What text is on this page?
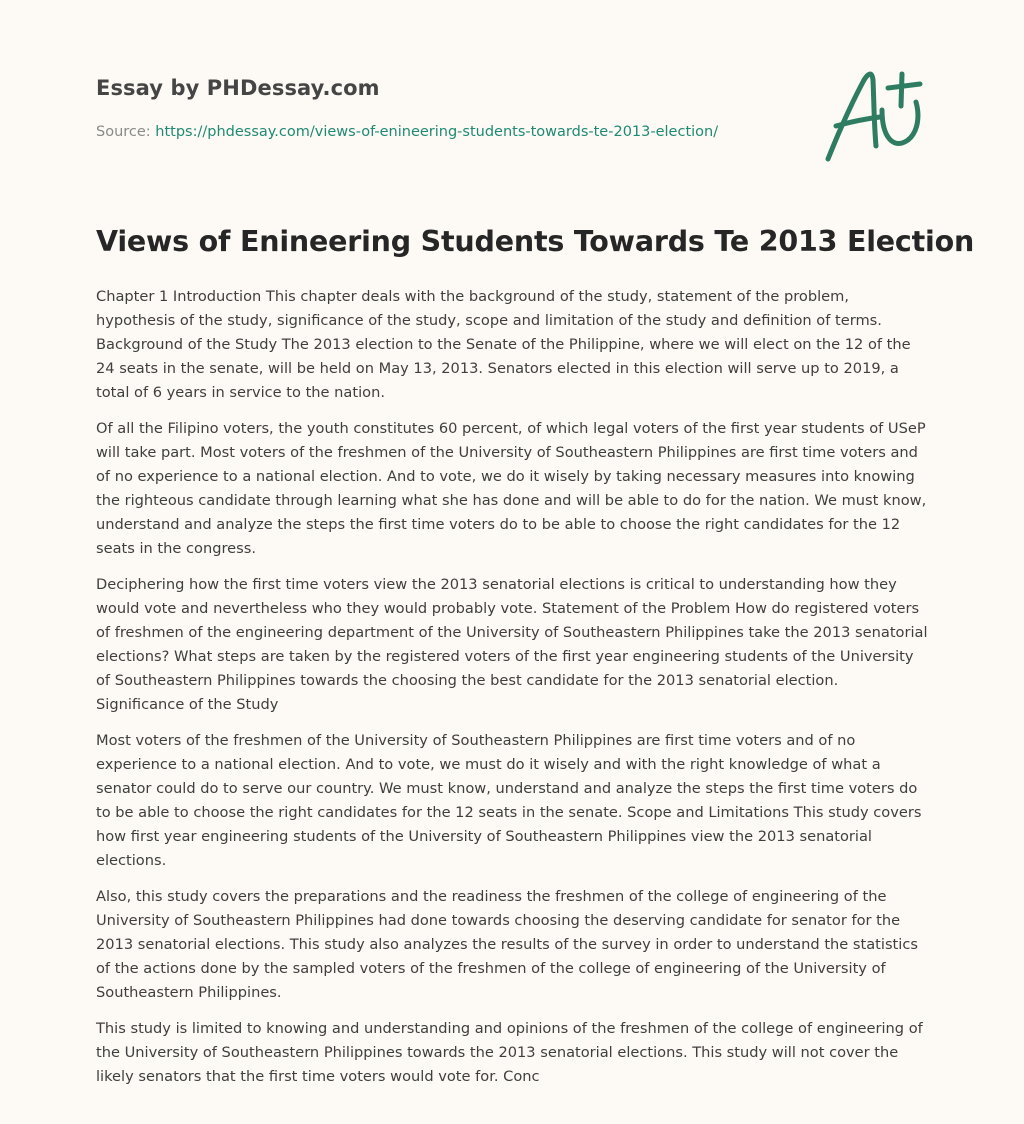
Essay by PHDessay.com
Source: https://phdessay.com/views-of-enineering-students-towards-te-2013-election/
Views of Enineering Students Towards Te 2013 Election

Chapter 1 Introduction This chapter deals with the background of the study, statement of the problem, hypothesis of the study, significance of the study, scope and limitation of the study and definition of terms. Background of the Study The 2013 election to the Senate of the Philippine, where we will elect on the 12 of the 24 seats in the senate, will be held on May 13, 2013. Senators elected in this election will serve up to 2019, a total of 6 years in service to the nation.

Of all the Filipino voters, the youth constitutes 60 percent, of which legal voters of the first year students of USeP will take part. Most voters of the freshmen of the University of Southeastern Philippines are first time voters and of no experience to a national election. And to vote, we do it wisely by taking necessary measures into knowing the righteous candidate through learning what she has done and will be able to do for the nation. We must know, understand and analyze the steps the first time voters do to be able to choose the right candidates for the 12 seats in the congress.

Deciphering how the first time voters view the 2013 senatorial elections is critical to understanding how they would vote and nevertheless who they would probably vote. Statement of the Problem How do registered voters of freshmen of the engineering department of the University of Southeastern Philippines take the 2013 senatorial elections? What steps are taken by the registered voters of the first year engineering students of the University of Southeastern Philippines towards the choosing the best candidate for the 2013 senatorial election. Significance of the Study

Most voters of the freshmen of the University of Southeastern Philippines are first time voters and of no experience to a national election. And to vote, we must do it wisely and with the right knowledge of what a senator could do to serve our country. We must know, understand and analyze the steps the first time voters do to be able to choose the right candidates for the 12 seats in the senate. Scope and Limitations This study covers how first year engineering students of the University of Southeastern Philippines view the 2013 senatorial elections.

Also, this study covers the preparations and the readiness the freshmen of the college of engineering of the University of Southeastern Philippines had done towards choosing the deserving candidate for senator for the 2013 senatorial elections. This study also analyzes the results of the survey in order to understand the statistics of the actions done by the sampled voters of the freshmen of the college of engineering of the University of Southeastern Philippines.

This study is limited to knowing and understanding and opinions of the freshmen of the college of engineering of the University of Southeastern Philippines towards the 2013 senatorial elections. This study will not cover the likely senators that the first time voters would vote for. Conc
